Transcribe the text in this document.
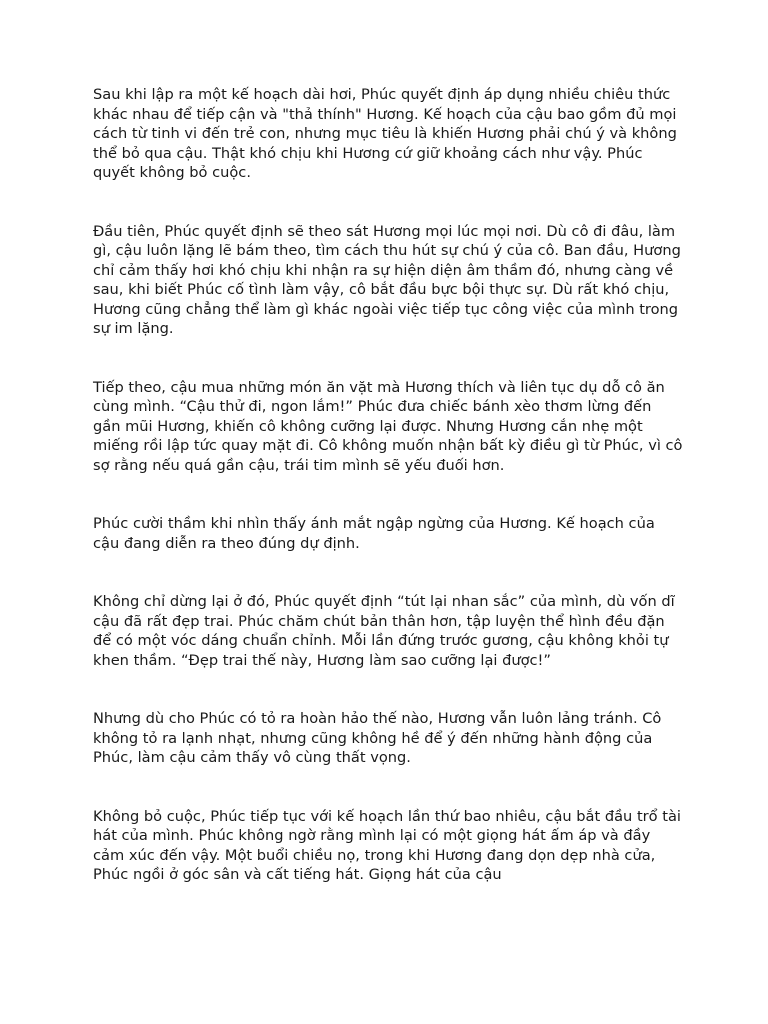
Sau khi lập ra một kế hoạch dài hơi, Phúc quyết định áp dụng nhiều chiêu thức khác nhau để tiếp cận và "thả thính" Hương. Kế hoạch của cậu bao gồm đủ mọi cách từ tinh vi đến trẻ con, nhưng mục tiêu là khiến Hương phải chú ý và không thể bỏ qua cậu. Thật khó chịu khi Hương cứ giữ khoảng cách như vậy. Phúc quyết không bỏ cuộc.

Đầu tiên, Phúc quyết định sẽ theo sát Hương mọi lúc mọi nơi. Dù cô đi đâu, làm gì, cậu luôn lặng lẽ bám theo, tìm cách thu hút sự chú ý của cô. Ban đầu, Hương chỉ cảm thấy hơi khó chịu khi nhận ra sự hiện diện âm thầm đó, nhưng càng về sau, khi biết Phúc cố tình làm vậy, cô bắt đầu bực bội thực sự. Dù rất khó chịu, Hương cũng chẳng thể làm gì khác ngoài việc tiếp tục công việc của mình trong sự im lặng.

Tiếp theo, cậu mua những món ăn vặt mà Hương thích và liên tục dụ dỗ cô ăn cùng mình. “Cậu thử đi, ngon lắm!” Phúc đưa chiếc bánh xèo thơm lừng đến gần mũi Hương, khiến cô không cưỡng lại được. Nhưng Hương cắn nhẹ một miếng rồi lập tức quay mặt đi. Cô không muốn nhận bất kỳ điều gì từ Phúc, vì cô sợ rằng nếu quá gần cậu, trái tim mình sẽ yếu đuối hơn.

Phúc cười thầm khi nhìn thấy ánh mắt ngập ngừng của Hương. Kế hoạch của cậu đang diễn ra theo đúng dự định.

Không chỉ dừng lại ở đó, Phúc quyết định “tút lại nhan sắc” của mình, dù vốn dĩ cậu đã rất đẹp trai. Phúc chăm chút bản thân hơn, tập luyện thể hình đều đặn để có một vóc dáng chuẩn chỉnh. Mỗi lần đứng trước gương, cậu không khỏi tự khen thầm. “Đẹp trai thế này, Hương làm sao cưỡng lại được!”

Nhưng dù cho Phúc có tỏ ra hoàn hảo thế nào, Hương vẫn luôn lảng tránh. Cô không tỏ ra lạnh nhạt, nhưng cũng không hề để ý đến những hành động của Phúc, làm cậu cảm thấy vô cùng thất vọng.

Không bỏ cuộc, Phúc tiếp tục với kế hoạch lần thứ bao nhiêu, cậu bắt đầu trổ tài hát của mình. Phúc không ngờ rằng mình lại có một giọng hát ấm áp và đầy cảm xúc đến vậy. Một buổi chiều nọ, trong khi Hương đang dọn dẹp nhà cửa, Phúc ngồi ở góc sân và cất tiếng hát. Giọng hát của cậu
